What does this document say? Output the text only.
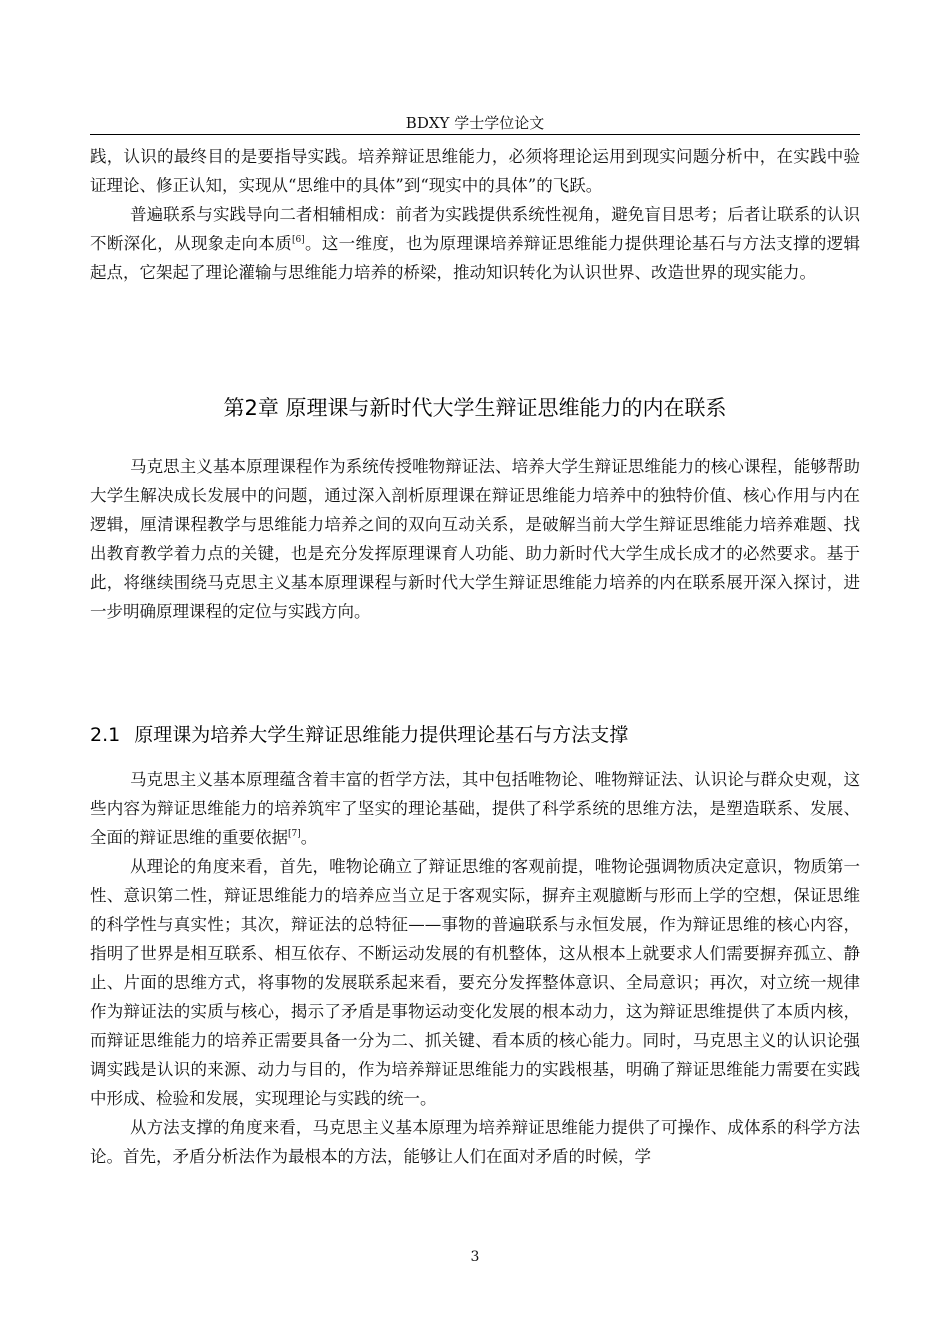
BDXY 学士学位论文

践，认识的最终目的是要指导实践。培养辩证思维能力，必须将理论运用到现实问题分析中，在实践中验证理论、修正认知，实现从“思维中的具体”到“现实中的具体”的飞跃。

普遍联系与实践导向二者相辅相成：前者为实践提供系统性视角，避免盲目思考；后者让联系的认识不断深化，从现象走向本质[6]。这一维度，也为原理课培养辩证思维能力提供理论基石与方法支撑的逻辑起点，它架起了理论灌输与思维能力培养的桥梁，推动知识转化为认识世界、改造世界的现实能力。

第2章 原理课与新时代大学生辩证思维能力的内在联系

马克思主义基本原理课程作为系统传授唯物辩证法、培养大学生辩证思维能力的核心课程，能够帮助大学生解决成长发展中的问题，通过深入剖析原理课在辩证思维能力培养中的独特价值、核心作用与内在逻辑，厘清课程教学与思维能力培养之间的双向互动关系，是破解当前大学生辩证思维能力培养难题、找出教育教学着力点的关键，也是充分发挥原理课育人功能、助力新时代大学生成长成才的必然要求。基于此，将继续围绕马克思主义基本原理课程与新时代大学生辩证思维能力培养的内在联系展开深入探讨，进一步明确原理课程的定位与实践方向。

2.1 原理课为培养大学生辩证思维能力提供理论基石与方法支撑

马克思主义基本原理蕴含着丰富的哲学方法，其中包括唯物论、唯物辩证法、认识论与群众史观，这些内容为辩证思维能力的培养筑牢了坚实的理论基础，提供了科学系统的思维方法，是塑造联系、发展、全面的辩证思维的重要依据[7]。

从理论的角度来看，首先，唯物论确立了辩证思维的客观前提，唯物论强调物质决定意识，物质第一性、意识第二性，辩证思维能力的培养应当立足于客观实际，摒弃主观臆断与形而上学的空想，保证思维的科学性与真实性；其次，辩证法的总特征——事物的普遍联系与永恒发展，作为辩证思维的核心内容，指明了世界是相互联系、相互依存、不断运动发展的有机整体，这从根本上就要求人们需要摒弃孤立、静止、片面的思维方式，将事物的发展联系起来看，要充分发挥整体意识、全局意识；再次，对立统一规律作为辩证法的实质与核心，揭示了矛盾是事物运动变化发展的根本动力，这为辩证思维提供了本质内核，而辩证思维能力的培养正需要具备一分为二、抓关键、看本质的核心能力。同时，马克思主义的认识论强调实践是认识的来源、动力与目的，作为培养辩证思维能力的实践根基，明确了辩证思维能力需要在实践中形成、检验和发展，实现理论与实践的统一。

从方法支撑的角度来看，马克思主义基本原理为培养辩证思维能力提供了可操作、成体系的科学方法论。首先，矛盾分析法作为最根本的方法，能够让人们在面对矛盾的时候，学

3
